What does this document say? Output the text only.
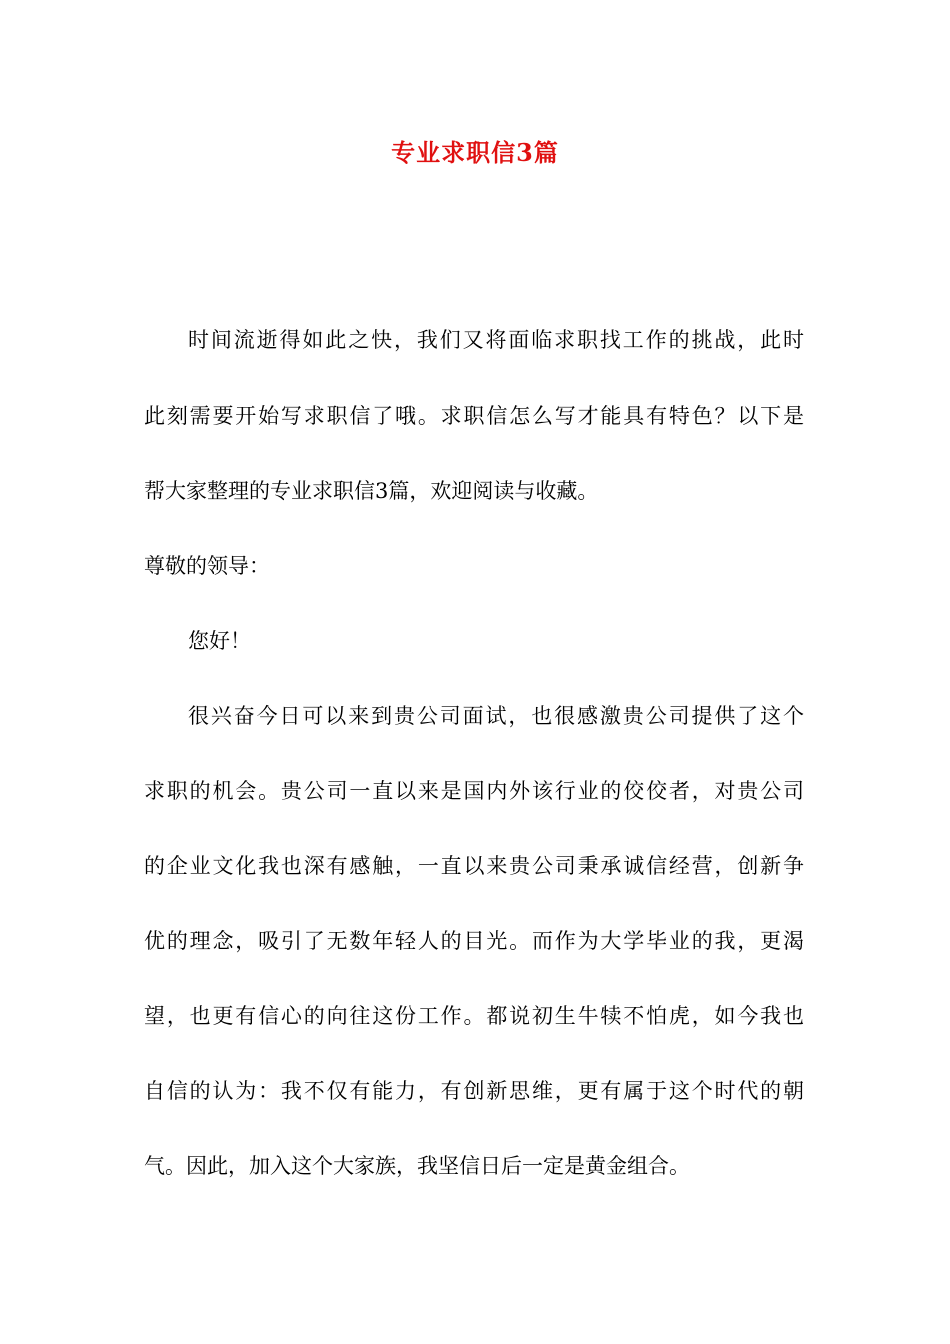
专业求职信3篇
时间流逝得如此之快，我们又将面临求职找工作的挑战，此时
此刻需要开始写求职信了哦。求职信怎么写才能具有特色？以下是
帮大家整理的专业求职信3篇，欢迎阅读与收藏。
尊敬的领导：
您好！
很兴奋今日可以来到贵公司面试，也很感激贵公司提供了这个
求职的机会。贵公司一直以来是国内外该行业的佼佼者，对贵公司
的企业文化我也深有感触，一直以来贵公司秉承诚信经营，创新争
优的理念，吸引了无数年轻人的目光。而作为大学毕业的我，更渴
望，也更有信心的向往这份工作。都说初生牛犊不怕虎，如今我也
自信的认为：我不仅有能力，有创新思维，更有属于这个时代的朝
气。因此，加入这个大家族，我坚信日后一定是黄金组合。
